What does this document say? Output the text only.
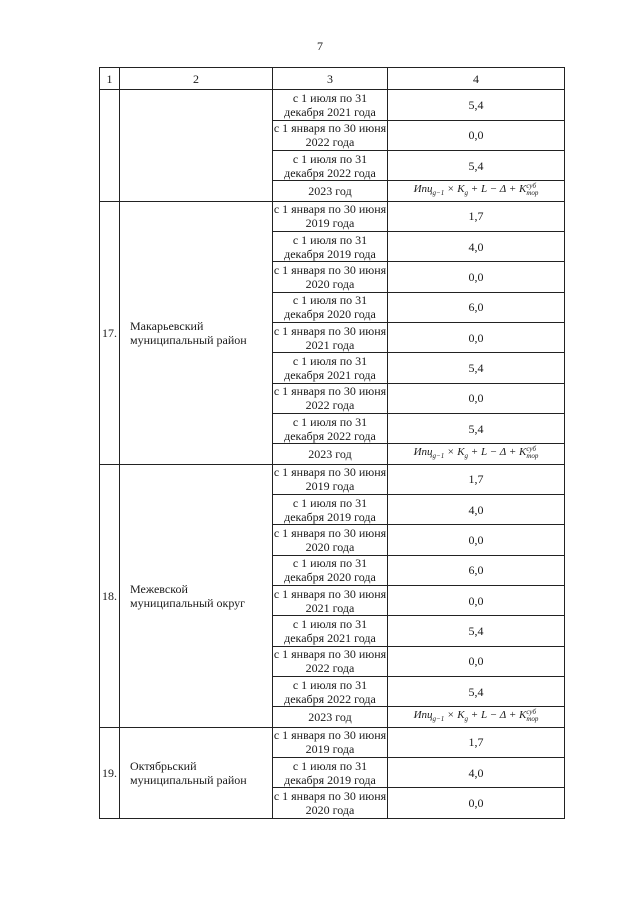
7
1	2	3	4
		с 1 июля по 31 декабря 2021 года	5,4
		с 1 января по 30 июня 2022 года	0,0
		с 1 июля по 31 декабря 2022 года	5,4
		2023 год	$Ипц_{g-1} \times K_g + L - \Delta + K$ суб
тор

17.	Макарьевский муниципальный район	с 1 января по 30 июня 2019 года	1,7
		с 1 июля по 31 декабря 2019 года	4,0
		с 1 января по 30 июня 2020 года	0,0
		с 1 июля по 31 декабря 2020 года	6,0
		с 1 января по 30 июня 2021 года	0,0
		с 1 июля по 31 декабря 2021 года	5,4
		с 1 января по 30 июня 2022 года	0,0
		с 1 июля по 31 декабря 2022 года	5,4
		2023 год	$Ипц_{g-1} \times K_g + L - \Delta + K$ суб
тор

18.	Межевской муниципальный округ	с 1 января по 30 июня 2019 года	1,7
		с 1 июля по 31 декабря 2019 года	4,0
		с 1 января по 30 июня 2020 года	0,0
		с 1 июля по 31 декабря 2020 года	6,0
		с 1 января по 30 июня 2021 года	0,0
		с 1 июля по 31 декабря 2021 года	5,4
		с 1 января по 30 июня 2022 года	0,0
		с 1 июля по 31 декабря 2022 года	5,4
		2023 год	$Ипц_{g-1} \times K_g + L - \Delta + K$ суб
тор

19.	Октябрьский муниципальный район	с 1 января по 30 июня 2019 года	1,7
		с 1 июля по 31 декабря 2019 года	4,0
		с 1 января по 30 июня 2020 года	0,0
